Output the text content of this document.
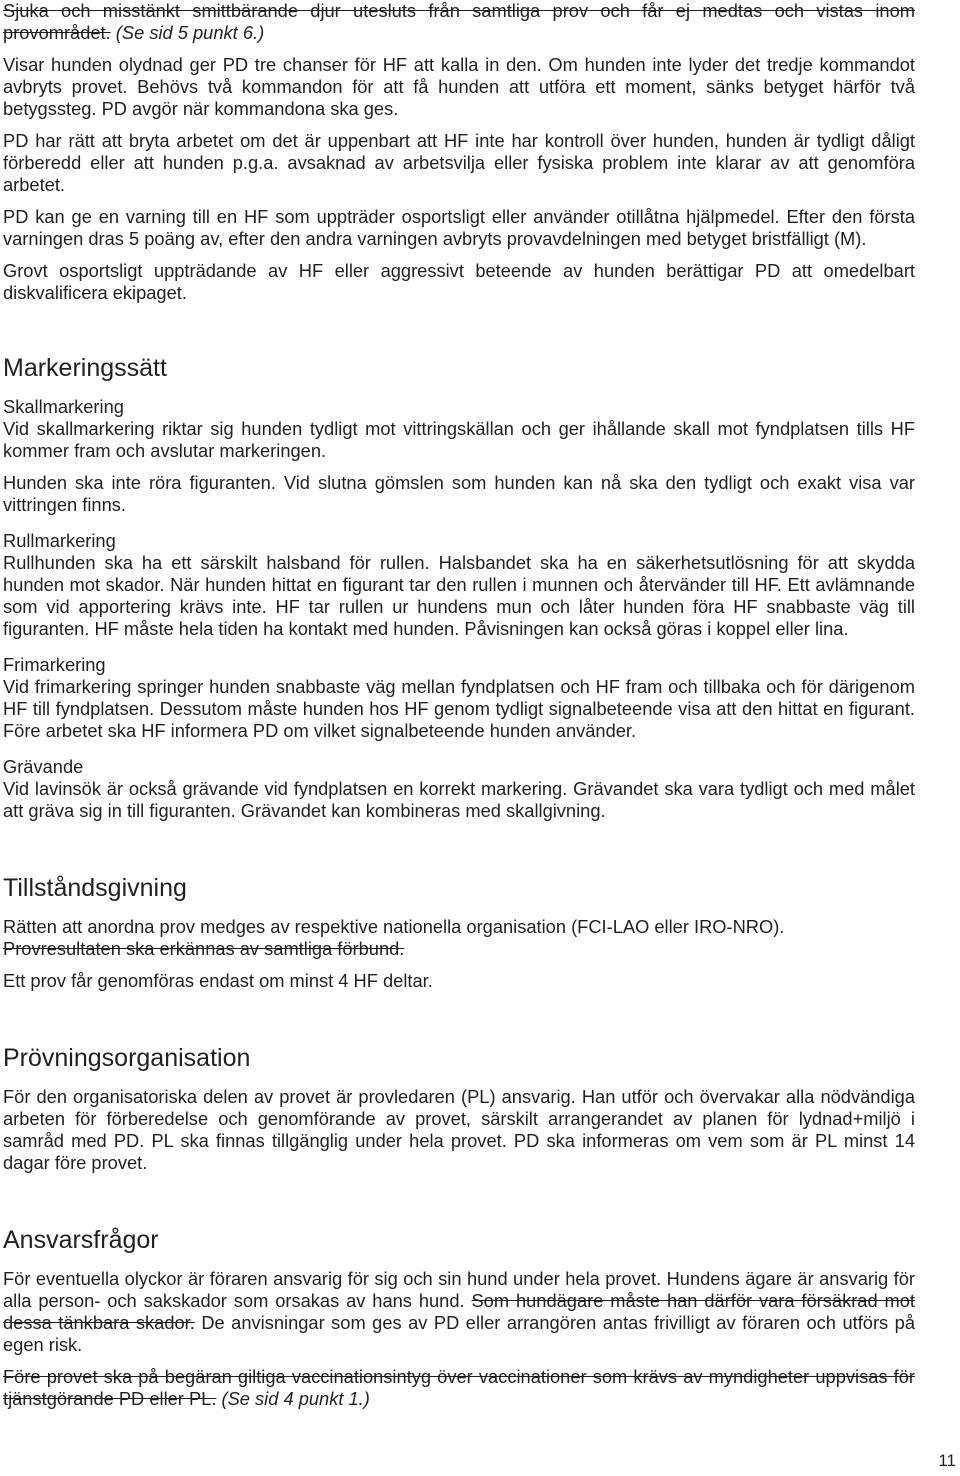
Sjuka och misstänkt smittbärande djur utesluts från samtliga prov och får ej medtas och vistas inom provområdet. (Se sid 5 punkt 6.)

Visar hunden olydnad ger PD tre chanser för HF att kalla in den. Om hunden inte lyder det tredje kommandot avbryts provet. Behövs två kommandon för att få hunden att utföra ett moment, sänks betyget härför två betygssteg. PD avgör när kommandona ska ges.

PD har rätt att bryta arbetet om det är uppenbart att HF inte har kontroll över hunden, hunden är tydligt dåligt förberedd eller att hunden p.g.a. avsaknad av arbetsvilja eller fysiska problem inte klarar av att genomföra arbetet.

PD kan ge en varning till en HF som uppträder osportsligt eller använder otillåtna hjälpmedel. Efter den första varningen dras 5 poäng av, efter den andra varningen avbryts provavdelningen med betyget bristfälligt (M).

Grovt osportsligt uppträdande av HF eller aggressivt beteende av hunden berättigar PD att omedelbart diskvalificera ekipaget.

Markeringssätt
Skallmarkering

Vid skallmarkering riktar sig hunden tydligt mot vittringskällan och ger ihållande skall mot fyndplatsen tills HF kommer fram och avslutar markeringen.

Hunden ska inte röra figuranten. Vid slutna gömslen som hunden kan nå ska den tydligt och exakt visa var vittringen finns.

Rullmarkering

Rullhunden ska ha ett särskilt halsband för rullen. Halsbandet ska ha en säkerhetsutlösning för att skydda hunden mot skador. När hunden hittat en figurant tar den rullen i munnen och återvänder till HF. Ett avlämnande som vid apportering krävs inte. HF tar rullen ur hundens mun och låter hunden föra HF snabbaste väg till figuranten. HF måste hela tiden ha kontakt med hunden. Påvisningen kan också göras i koppel eller lina.

Frimarkering

Vid frimarkering springer hunden snabbaste väg mellan fyndplatsen och HF fram och tillbaka och för därigenom HF till fyndplatsen. Dessutom måste hunden hos HF genom tydligt signalbeteende visa att den hittat en figurant. Före arbetet ska HF informera PD om vilket signalbeteende hunden använder.

Grävande

Vid lavinsök är också grävande vid fyndplatsen en korrekt markering. Grävandet ska vara tydligt och med målet att gräva sig in till figuranten. Grävandet kan kombineras med skallgivning.

Tillståndsgivning

Rätten att anordna prov medges av respektive nationella organisation (FCI-LAO eller IRO-NRO).
Provresultaten ska erkännas av samtliga förbund.

Ett prov får genomföras endast om minst 4 HF deltar.

Prövningsorganisation

För den organisatoriska delen av provet är provledaren (PL) ansvarig. Han utför och övervakar alla nödvändiga arbeten för förberedelse och genomförande av provet, särskilt arrangerandet av planen för lydnad+miljö i samråd med PD. PL ska finnas tillgänglig under hela provet. PD ska informeras om vem som är PL minst 14 dagar före provet.

Ansvarsfrågor

För eventuella olyckor är föraren ansvarig för sig och sin hund under hela provet. Hundens ägare är ansvarig för alla person- och sakskador som orsakas av hans hund. Som hundägare måste han därför vara försäkrad mot dessa tänkbara skador. De anvisningar som ges av PD eller arrangören antas frivilligt av föraren och utförs på egen risk.

Före provet ska på begäran giltiga vaccinationsintyg över vaccinationer som krävs av myndigheter uppvisas för tjänstgörande PD eller PL. (Se sid 4 punkt 1.)

11
